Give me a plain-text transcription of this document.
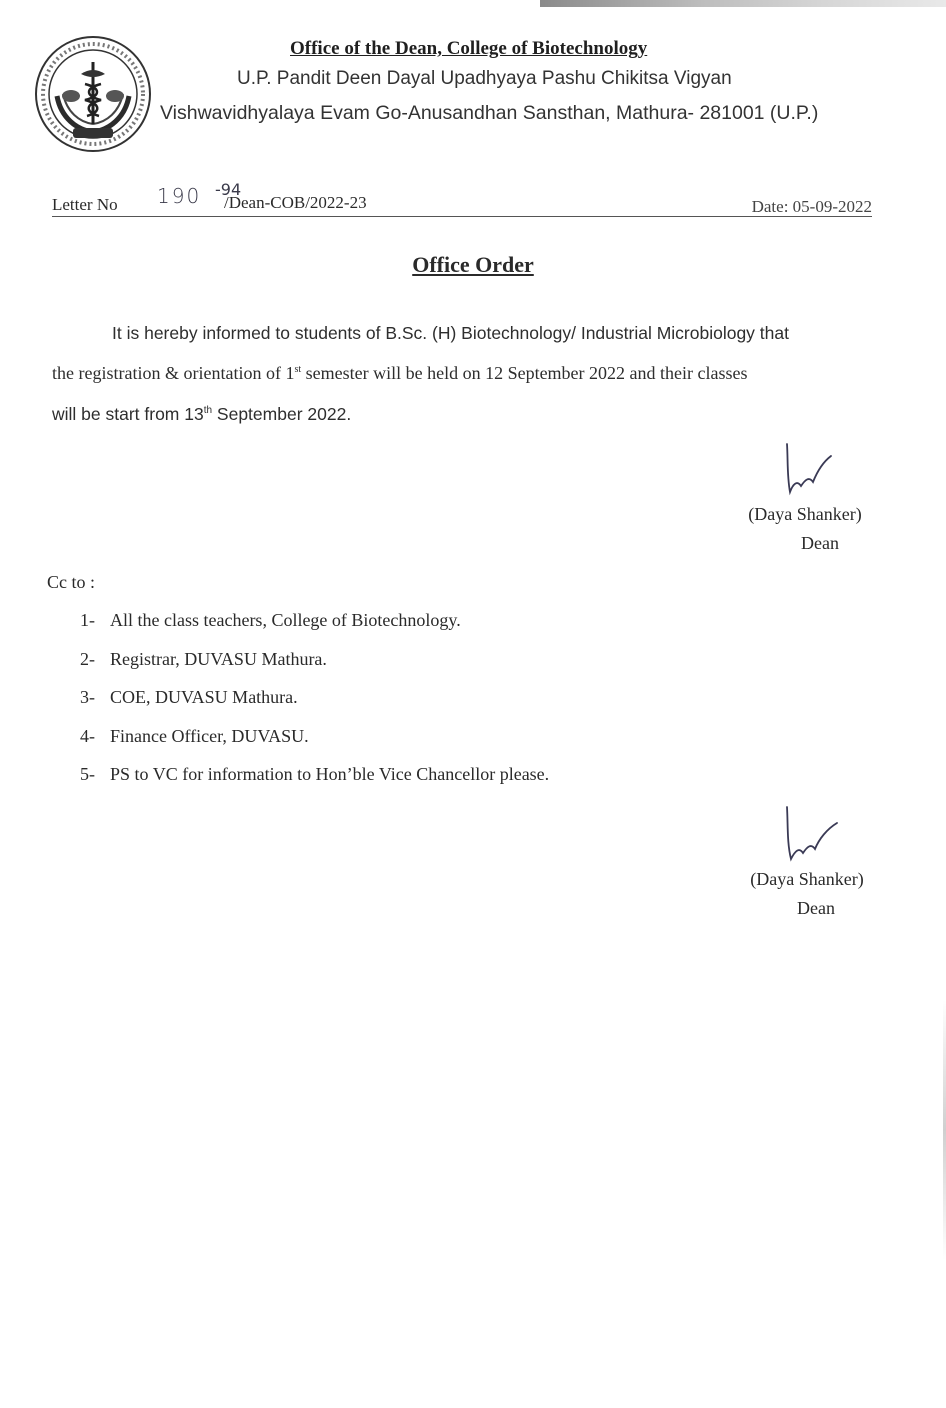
Office of the Dean, College of Biotechnology
U.P. Pandit Deen Dayal Upadhyaya Pashu Chikitsa Vigyan
Vishwavidhyalaya Evam Go-Anusandhan Sansthan, Mathura- 281001 (U.P.)
Letter No 190 -94
/Dean-COB/2022-23	Date: 05-09-2022
Office Order
It is hereby informed to students of B.Sc. (H) Biotechnology/ Industrial Microbiology that
the registration & orientation of 1st semester will be held on 12 September 2022 and their classes
will be start from 13th September 2022.
(Daya Shanker)
Dean
Cc to :
1- All the class teachers, College of Biotechnology.
2- Registrar, DUVASU Mathura.
3- COE, DUVASU Mathura.
4- Finance Officer, DUVASU.
5- PS to VC for information to Hon’ble Vice Chancellor please.
(Daya Shanker)
Dean
